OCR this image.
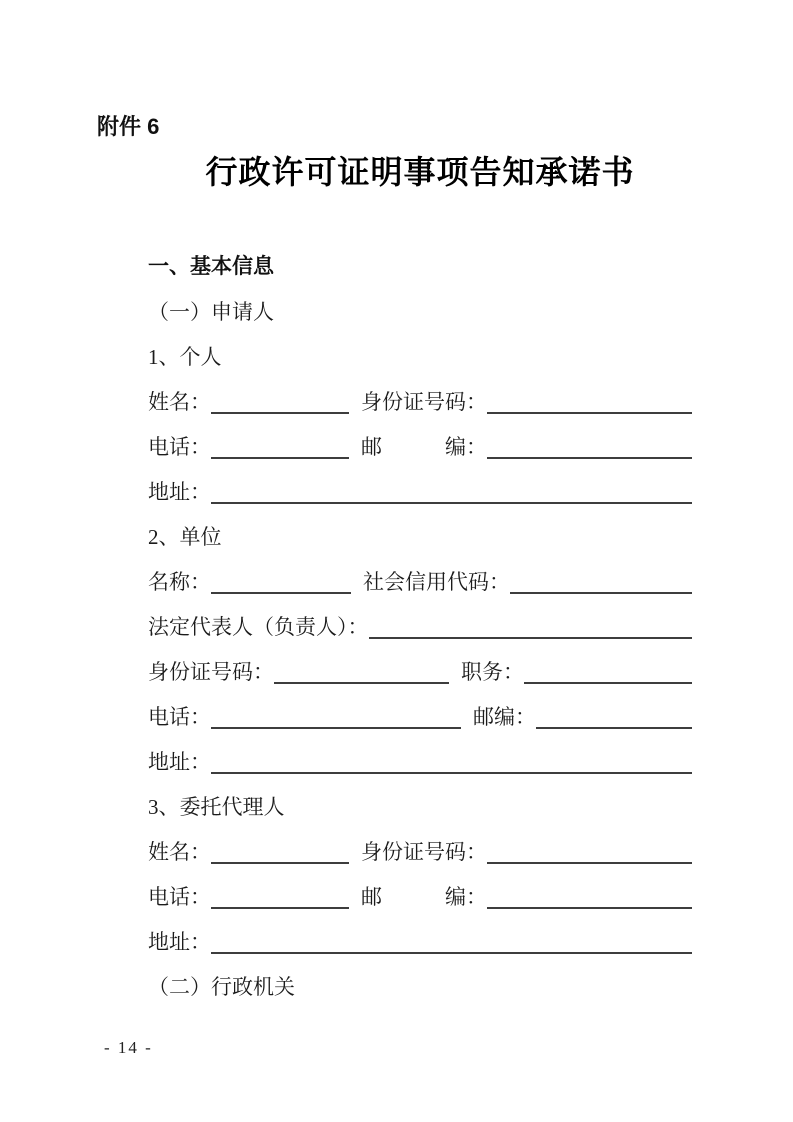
附件 6
行政许可证明事项告知承诺书
一、基本信息
（一）申请人
1、个人
姓名：	身份证号码：
电话：	邮　　　编：
地址：
2、单位
名称：	社会信用代码：
法定代表人（负责人）：
身份证号码：	职务：
电话：	邮编：
地址：
3、委托代理人
姓名：	身份证号码：
电话：	邮　　　编：
地址：
（二）行政机关
- 14 -
